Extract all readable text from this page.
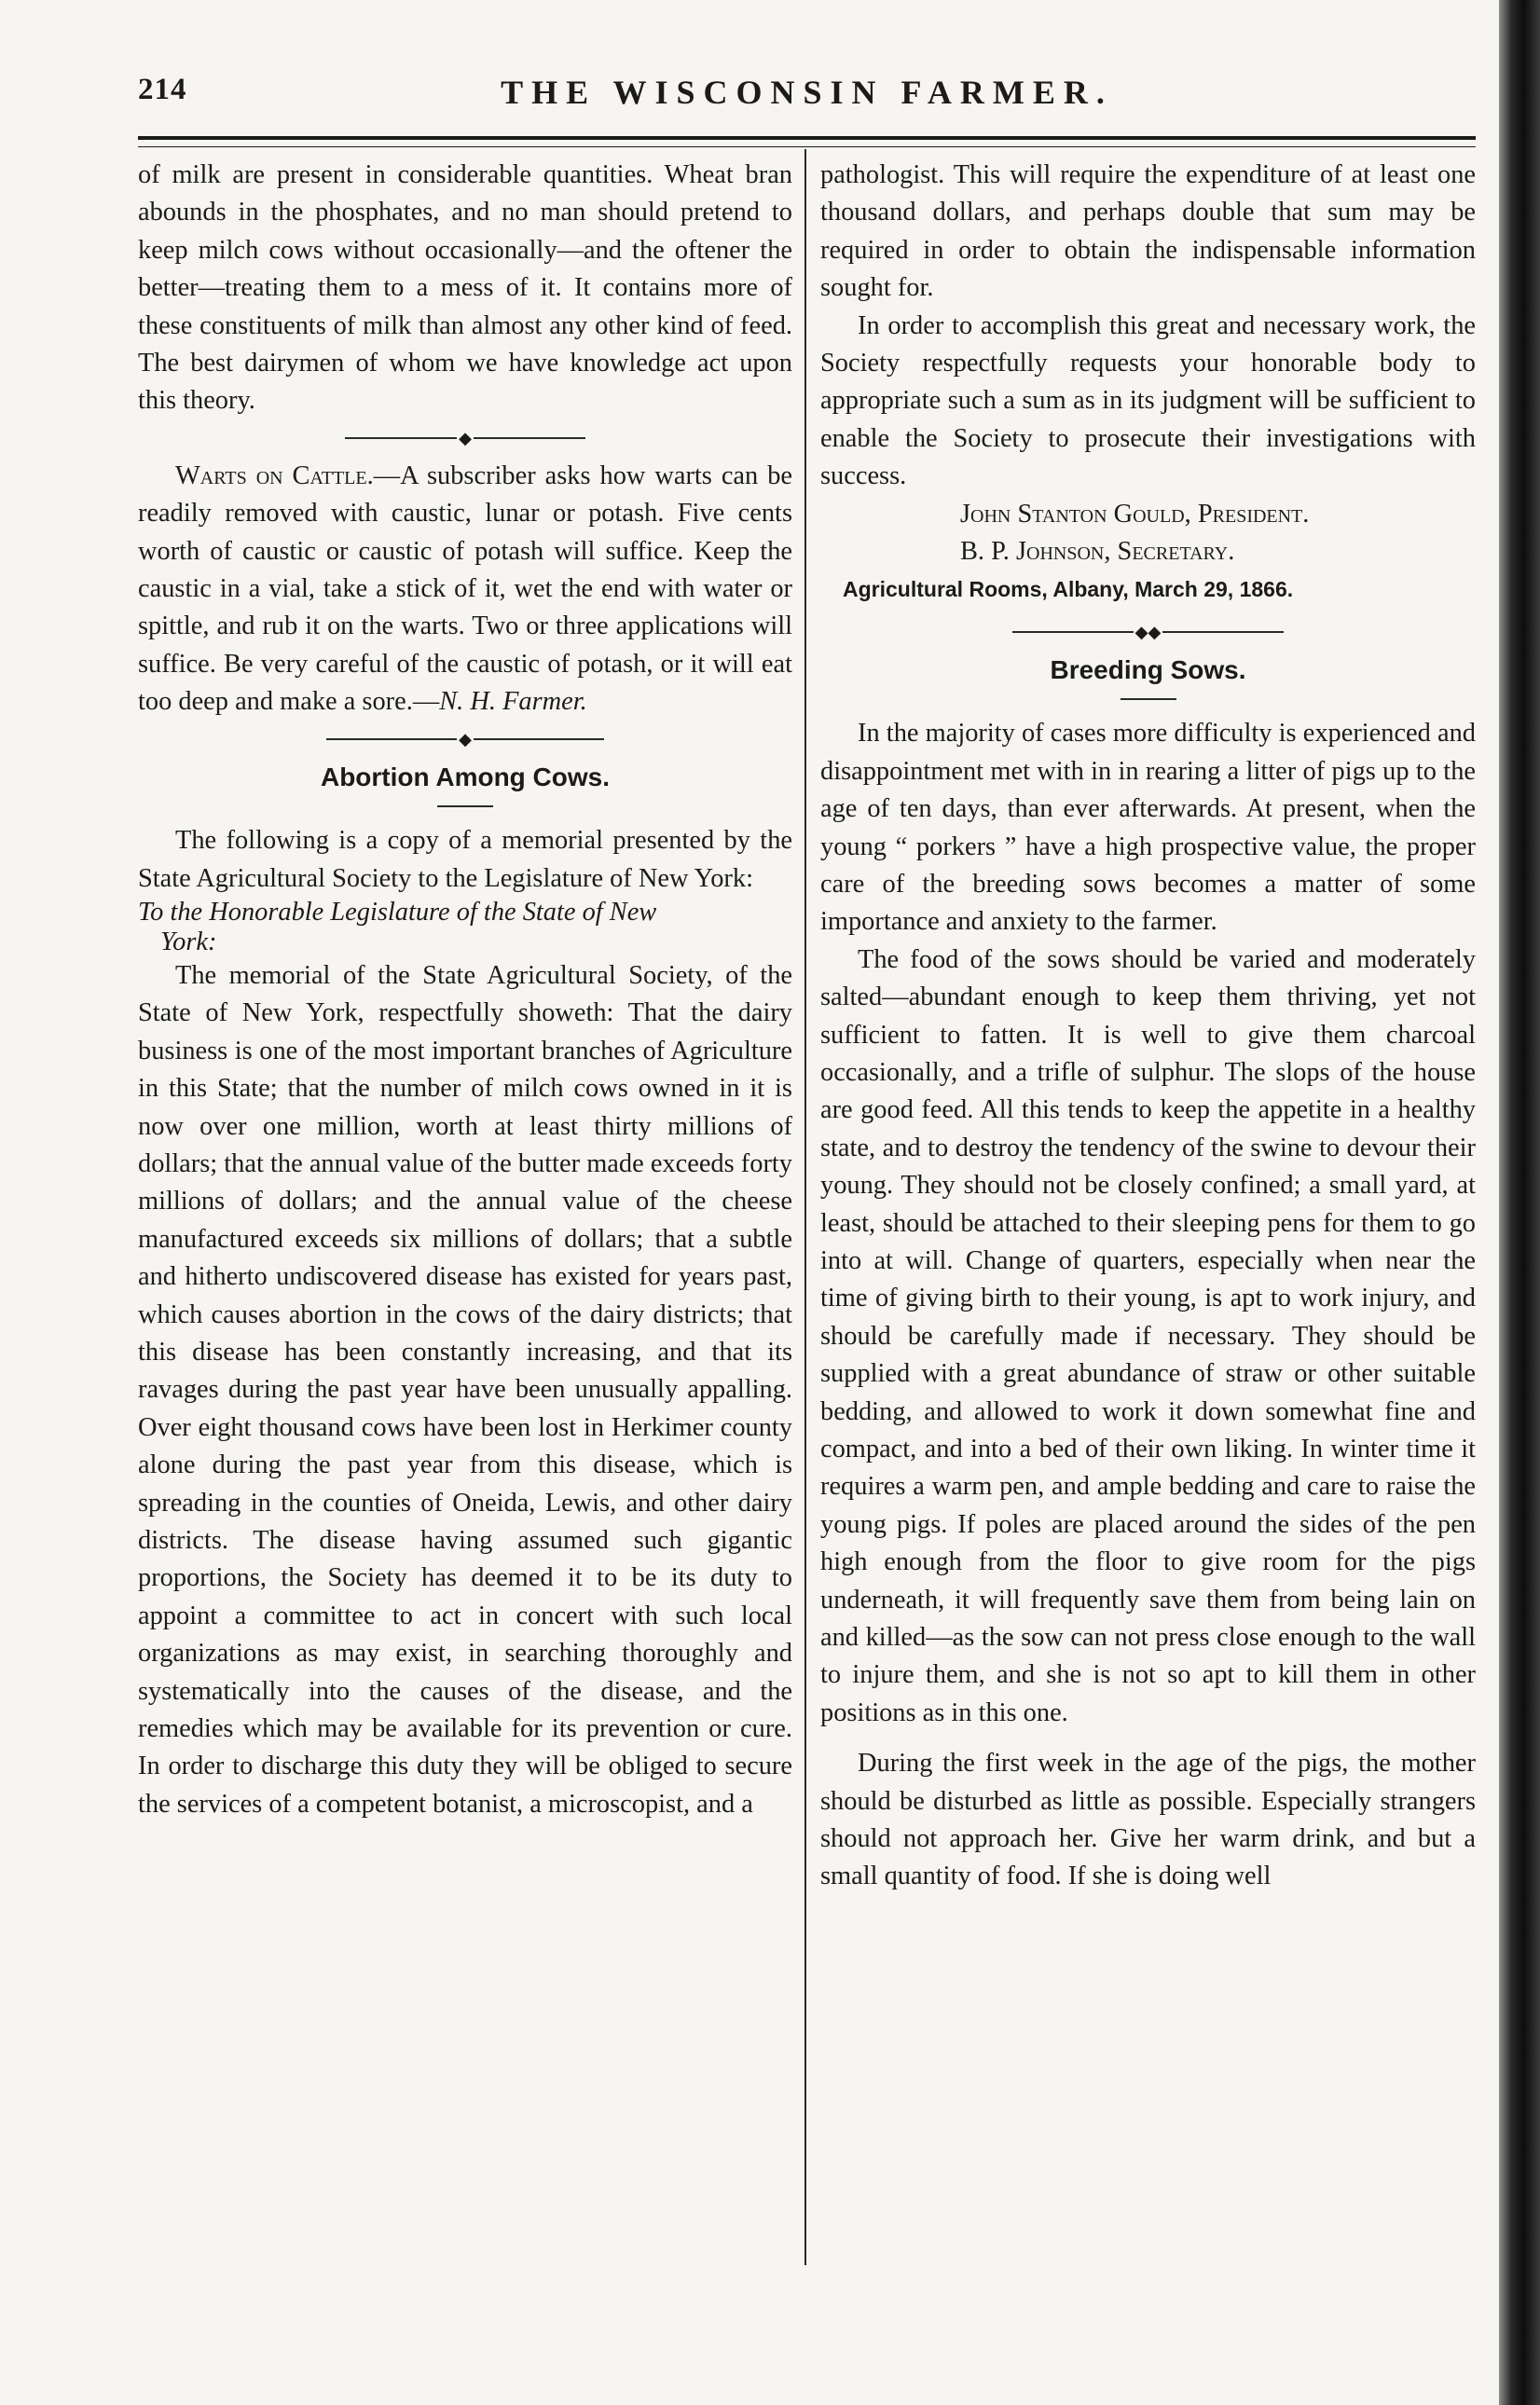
214	THE WISCONSIN FARMER.

of milk are present in considerable quantities. Wheat bran abounds in the phosphates, and no man should pretend to keep milch cows without occasionally—and the oftener the better—treating them to a mess of it. It contains more of these constituents of milk than almost any other kind of feed. The best dairymen of whom we have knowledge act upon this theory.

◆

Warts on Cattle.—A subscriber asks how warts can be readily removed with caustic, lunar or potash. Five cents worth of caustic or caustic of potash will suffice. Keep the caustic in a vial, take a stick of it, wet the end with water or spittle, and rub it on the warts. Two or three applications will suffice. Be very careful of the caustic of potash, or it will eat too deep and make a sore.—N. H. Farmer.

◆
Abortion Among Cows.

The following is a copy of a memorial presented by the State Agricultural Society to the Legislature of New York:

To the Honorable Legislature of the State of New
York:

The memorial of the State Agricultural Society, of the State of New York, respectfully showeth: That the dairy business is one of the most important branches of Agriculture in this State; that the number of milch cows owned in it is now over one million, worth at least thirty millions of dollars; that the annual value of the butter made exceeds forty millions of dollars; and the annual value of the cheese manufactured exceeds six millions of dollars; that a subtle and hitherto undiscovered disease has existed for years past, which causes abortion in the cows of the dairy districts; that this disease has been constantly increasing, and that its ravages during the past year have been unusually appalling. Over eight thousand cows have been lost in Herkimer county alone during the past year from this disease, which is spreading in the counties of Oneida, Lewis, and other dairy districts. The disease having assumed such gigantic proportions, the Society has deemed it to be its duty to appoint a committee to act in concert with such local organizations as may exist, in searching thoroughly and systematically into the causes of the disease, and the remedies which may be available for its prevention or cure. In order to discharge this duty they will be obliged to secure the services of a competent botanist, a microscopist, and a

pathologist. This will require the expenditure of at least one thousand dollars, and perhaps double that sum may be required in order to obtain the indispensable information sought for.

In order to accomplish this great and necessary work, the Society respectfully requests your honorable body to appropriate such a sum as in its judgment will be sufficient to enable the Society to prosecute their investigations with success.

John Stanton Gould, President.

B. P. Johnson, Secretary.

Agricultural Rooms, Albany, March 29, 1866.

◆◆
Breeding Sows.

In the majority of cases more difficulty is experienced and disappointment met with in in rearing a litter of pigs up to the age of ten days, than ever afterwards. At present, when the young “ porkers ” have a high prospective value, the proper care of the breeding sows becomes a matter of some importance and anxiety to the farmer.

The food of the sows should be varied and moderately salted—abundant enough to keep them thriving, yet not sufficient to fatten. It is well to give them charcoal occasionally, and a trifle of sulphur. The slops of the house are good feed. All this tends to keep the appetite in a healthy state, and to destroy the tendency of the swine to devour their young. They should not be closely confined; a small yard, at least, should be attached to their sleeping pens for them to go into at will. Change of quarters, especially when near the time of giving birth to their young, is apt to work injury, and should be carefully made if necessary. They should be supplied with a great abundance of straw or other suitable bedding, and allowed to work it down somewhat fine and compact, and into a bed of their own liking. In winter time it requires a warm pen, and ample bedding and care to raise the young pigs. If poles are placed around the sides of the pen high enough from the floor to give room for the pigs underneath, it will frequently save them from being lain on and killed—as the sow can not press close enough to the wall to injure them, and she is not so apt to kill them in other positions as in this one.

During the first week in the age of the pigs, the mother should be disturbed as little as possible. Especially strangers should not approach her. Give her warm drink, and but a small quantity of food. If she is doing well
